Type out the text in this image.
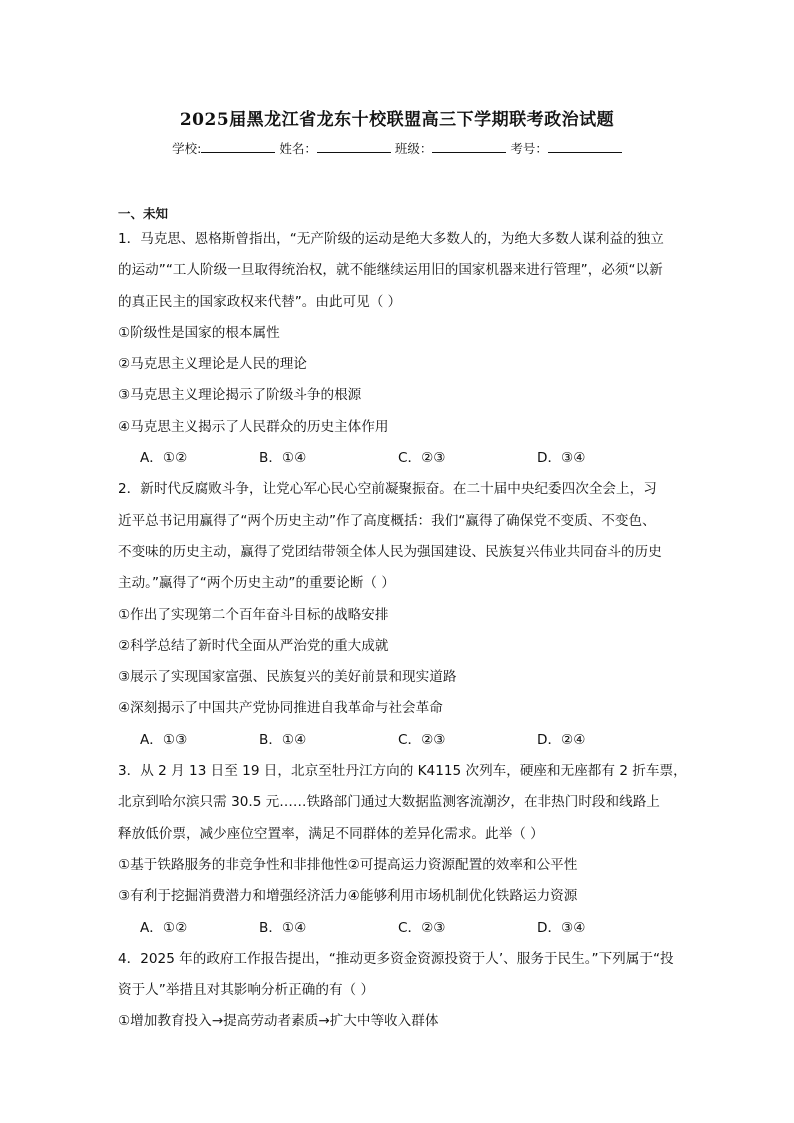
2025届黑龙江省龙东十校联盟高三下学期联考政治试题
学校:	姓名：	班级：	考号：
一、未知
1．马克思、恩格斯曾指出，“无产阶级的运动是绝大多数人的，为绝大多数人谋利益的独立
的运动”“工人阶级一旦取得统治权，就不能继续运用旧的国家机器来进行管理”，必须“以新
的真正民主的国家政权来代替”。由此可见（ ）
①阶级性是国家的根本属性
②马克思主义理论是人民的理论
③马克思主义理论揭示了阶级斗争的根源
④马克思主义揭示了人民群众的历史主体作用
A．①②	B．①④	C．②③	D．③④
2．新时代反腐败斗争，让党心军心民心空前凝聚振奋。在二十届中央纪委四次全会上，习
近平总书记用赢得了“两个历史主动”作了高度概括：我们“赢得了确保党不变质、不变色、
不变味的历史主动，赢得了党团结带领全体人民为强国建设、民族复兴伟业共同奋斗的历史
主动。”赢得了“两个历史主动”的重要论断（ ）
①作出了实现第二个百年奋斗目标的战略安排
②科学总结了新时代全面从严治党的重大成就
③展示了实现国家富强、民族复兴的美好前景和现实道路
④深刻揭示了中国共产党协同推进自我革命与社会革命
A．①③	B．①④	C．②③	D．②④
3．从 2 月 13 日至 19 日，北京至牡丹江方向的 K4115 次列车，硬座和无座都有 2 折车票，
北京到哈尔滨只需 30.5 元……铁路部门通过大数据监测客流潮汐，在非热门时段和线路上
释放低价票，减少座位空置率，满足不同群体的差异化需求。此举（ ）
①基于铁路服务的非竞争性和非排他性②可提高运力资源配置的效率和公平性
③有利于挖掘消费潜力和增强经济活力④能够利用市场机制优化铁路运力资源
A．①②	B．①④	C．②③	D．③④
4．2025 年的政府工作报告提出，“推动更多资金资源投资于人’、服务于民生。”下列属于“投
资于人”举措且对其影响分析正确的有（ ）
①增加教育投入→提高劳动者素质→扩大中等收入群体
